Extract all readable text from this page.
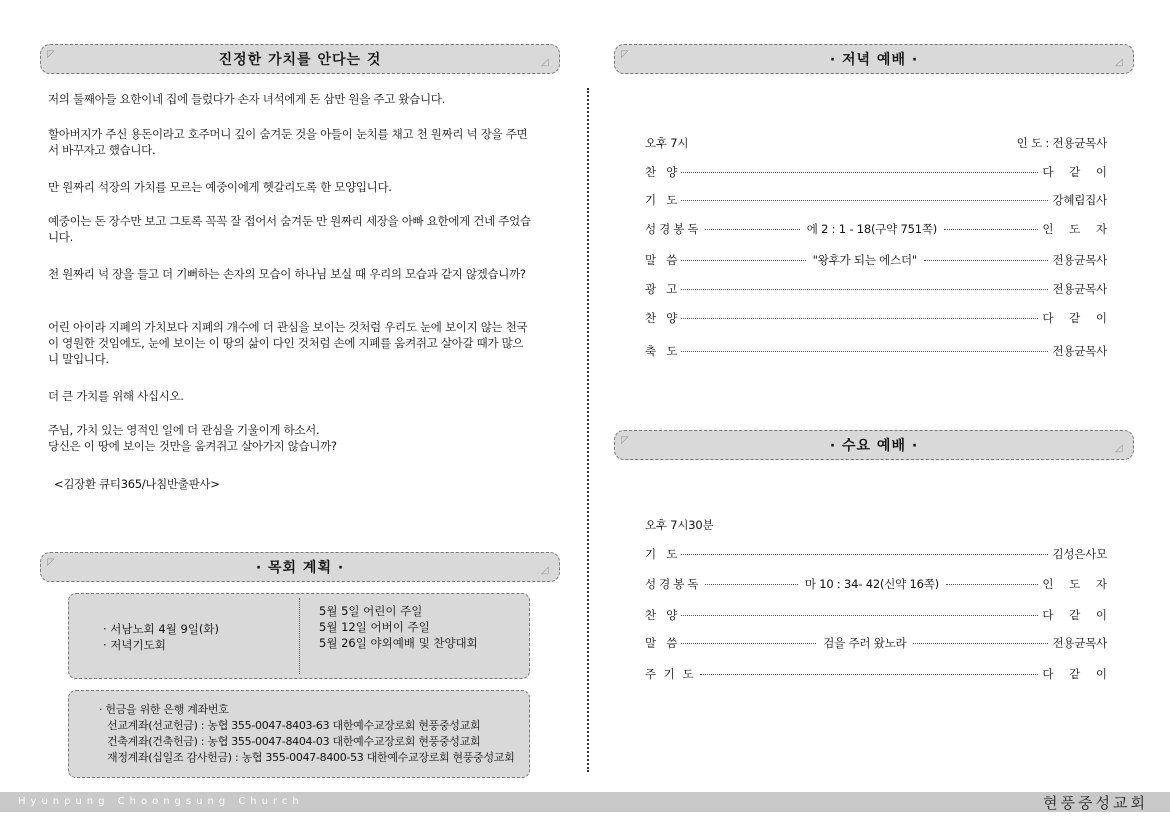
◸	진정한 가치를 안다는 것	◿
저의 둘째아들 요한이네 집에 들렀다가 손자 녀석에게 돈 삼만 원을 주고 왔습니다.
할아버지가 주신 용돈이라고 호주머니 깊이 숨겨둔 것을 아들이 눈치를 채고 천 원짜리 넉 장을 주면서 바꾸자고 했습니다.
만 원짜리 석장의 가치를 모르는 예중이에게 헷갈리도록 한 모양입니다.
예중이는 돈 장수만 보고 그토록 꼭꼭 잘 접어서 숨겨둔 만 원짜리 세장을 아빠 요한에게 건네 주었습니다.
천 원짜리 넉 장을 들고 더 기뻐하는 손자의 모습이 하나님 보실 때 우리의 모습과 같지 않겠습니까?
어린 아이라 지폐의 가치보다 지폐의 개수에 더 관심을 보이는 것처럼 우리도 눈에 보이지 않는 천국이 영원한 것임에도, 눈에 보이는 이 땅의 삶이 다인 것처럼 손에 지폐를 움켜쥐고 살아갈 때가 많으니 말입니다.
더 큰 가치를 위해 사십시오.
주님, 가치 있는 영적인 일에 더 관심을 기울이게 하소서.
당신은 이 땅에 보이는 것만을 움켜쥐고 살아가지 않습니까?
<김장환 큐티365/나침반출판사>
◸	· 목회 계획 ·	◿
· 서남노회 4월 9일(화)
· 저녁기도회
5월 5일 어린이 주일
5월 12일 어버이 주일
5월 26일 야외예배 및 찬양대회
· 헌금을 위한 은행 계좌번호
선교계좌(선교헌금) : 농협 355-0047-8403-63 대한예수교장로회 현풍중성교회
건축계좌(건축헌금) : 농협 355-0047-8404-03 대한예수교장로회 현풍중성교회
재정계좌(십일조 감사헌금) : 농협 355-0047-8400-53 대한예수교장로회 현풍중성교회
◸	· 저녁 예배 ·	◿
오후 7시	인 도 : 전용균목사
찬   양	다 같 이
기   도	강혜림집사
성경봉독	에 2 : 1 - 18(구약 751쪽)	인 도 자
말   씀	"왕후가 되는 에스더"	전용균목사
광   고	전용균목사
찬   양	다 같 이
축   도	전용균목사
◸	· 수요 예배 ·	◿
오후 7시30분
기   도	김성은사모
성경봉독	마 10 : 34- 42(신약 16쪽)	인 도 자
찬   양	다 같 이
말   씀	검을 주러 왔노라	전용균목사
주 기 도	다 같 이
Hyunpung Choongsung Church	현풍중성교회
